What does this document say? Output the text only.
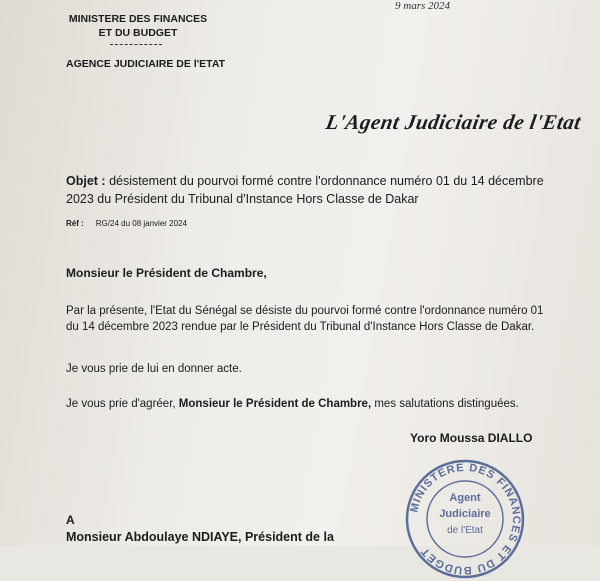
9 mars 2024
MINISTERE DES FINANCES
ET DU BUDGET
AGENCE JUDICIAIRE DE l'ETAT
L'Agent Judiciaire de l'Etat
Objet : désistement du pourvoi formé contre l'ordonnance numéro 01 du 14 décembre 2023 du Président du Tribunal d'Instance Hors Classe de Dakar
Réf : RG/24 du 08 janvier 2024
Monsieur le Président de Chambre,
Par la présente, l'Etat du Sénégal se désiste du pourvoi formé contre l'ordonnance numéro 01 du 14 décembre 2023 rendue par le Président du Tribunal d'Instance Hors Classe de Dakar.
Je vous prie de lui en donner acte.
Je vous prie d'agréer, Monsieur le Président de Chambre, mes salutations distinguées.
Yoro Moussa DIALLO
MINISTERE DES FINANCES ET DU BUDGET
Agent
Judiciaire
de l'Etat
A
Monsieur Abdoulaye NDIAYE, Président de la
